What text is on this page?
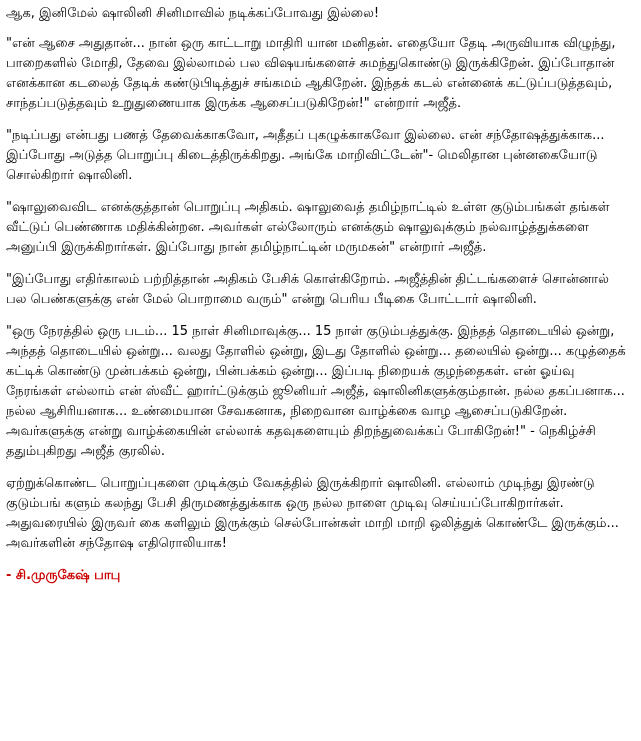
ஆக, இனிமேல் ஷாலினி சினிமாவில் நடிக்கப்போவது இல்லை!

"என் ஆசை அதுதான்... நான் ஒரு காட்டாறு மாதிரி யான மனிதன். எதையோ தேடி அருவியாக விழுந்து, பாறைகளில் மோதி, தேவை இல்லாமல் பல விஷயங்களைச் சுமந்துகொண்டு இருக்கிறேன். இப்போதான் எனக்கான கடலைத் தேடிக் கண்டுபிடித்துச் சங்கமம் ஆகிறேன். இந்தக் கடல் என்னைக் கட்டுப்படுத்தவும், சாந்தப்படுத்தவும் உறுதுணையாக இருக்க ஆசைப்படுகிறேன்!" என்றார் அஜீத்.

"நடிப்பது என்பது பணத் தேவைக்காகவோ, அதீதப் புகழுக்காகவோ இல்லை. என் சந்தோஷத்துக்காக... இப்போது அடுத்த பொறுப்பு கிடைத்திருக்கிறது. அங்கே மாறிவிட்டேன்"- மெலிதான புன்னகையோடு சொல்கிறார் ஷாலினி.

"ஷாலுவைவிட எனக்குத்தான் பொறுப்பு அதிகம். ஷாலுவைத் தமிழ்நாட்டில் உள்ள குடும்பங்கள் தங்கள் வீட்டுப் பெண்ணாக மதிக்கின்றன. அவர்கள் எல்லோரும் எனக்கும் ஷாலுவுக்கும் நல்வாழ்த்துக்களை அனுப்பி இருக்கிறார்கள். இப்போது நான் தமிழ்நாட்டின் மருமகன்" என்றார் அஜீத்.

"இப்போது எதிர்காலம் பற்றித்தான் அதிகம் பேசிக் கொள்கிறோம். அஜீத்தின் திட்டங்களைச் சொன்னால் பல பெண்களுக்கு என் மேல் பொறாமை வரும்" என்று பெரிய பீடிகை போட்டார் ஷாலினி.

"ஒரு நேரத்தில் ஒரு படம்... 15 நாள் சினிமாவுக்கு... 15 நாள் குடும்பத்துக்கு. இந்தத் தொடையில் ஒன்று, அந்தத் தொடையில் ஒன்று... வலது தோளில் ஒன்று, இடது தோளில் ஒன்று... தலையில் ஒன்று... கழுத்தைக் கட்டிக் கொண்டு முன்பக்கம் ஒன்று, பின்பக்கம் ஒன்று... இப்படி நிறையக் குழந்தைகள். என் ஓய்வு நேரங்கள் எல்லாம் என் ஸ்வீட் ஹார்ட்டுக்கும் ஜூனியர் அஜீத், ஷாலினிகளுக்கும்தான். நல்ல தகப்பனாக... நல்ல ஆசிரியனாக... உண்மையான சேவகனாக, நிறைவான வாழ்க்கை வாழ ஆசைப்படுகிறேன். அவர்களுக்கு என்று வாழ்க்கையின் எல்லாக் கதவுகளையும் திறந்துவைக்கப் போகிறேன்!" - நெகிழ்ச்சி ததும்புகிறது அஜீத் குரலில்.

ஏற்றுக்கொண்ட பொறுப்புகளை முடிக்கும் வேகத்தில் இருக்கிறார் ஷாலினி. எல்லாம் முடிந்து இரண்டு குடும்பங் களும் கலந்து பேசி திருமணத்துக்காக ஒரு நல்ல நாளை முடிவு செய்யப்போகிறார்கள். அதுவரையில் இருவர் கை களிலும் இருக்கும் செல்போன்கள் மாறி மாறி ஒலித்துக் கொண்டே இருக்கும்... அவர்களின் சந்தோஷ எதிரொலியாக!

- சி.முருகேஷ் பாபு
